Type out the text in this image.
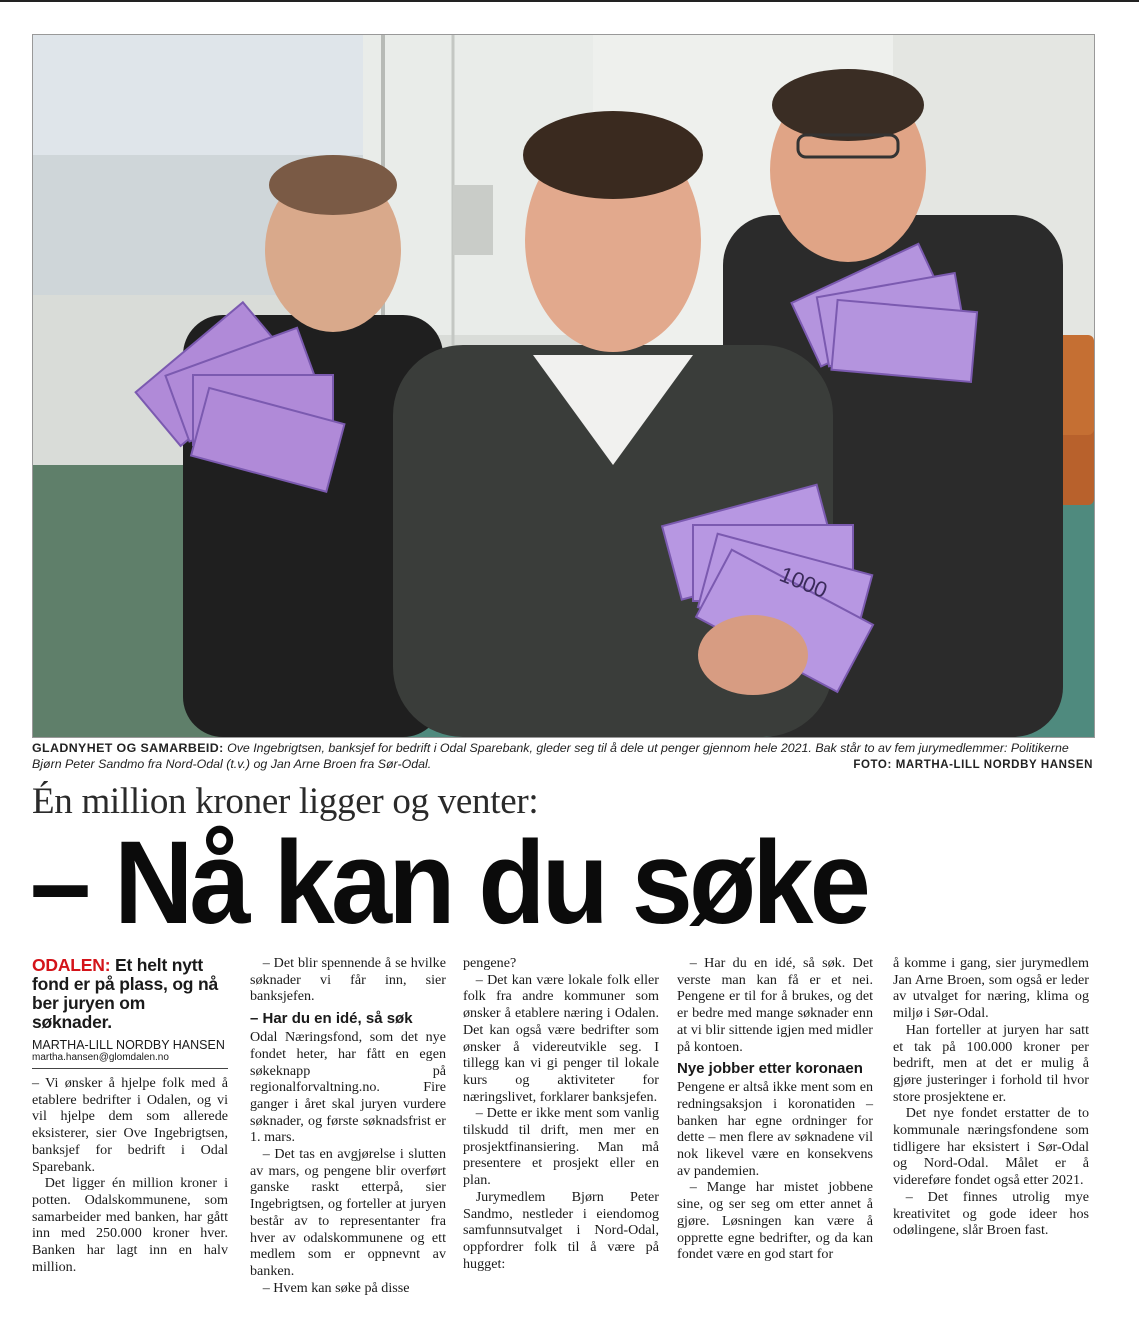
1000
GLADNYHET OG SAMARBEID: Ove Ingebrigtsen, banksjef for bedrift i Odal Sparebank, gleder seg til å dele ut penger gjennom hele 2021. Bak står to av fem jurymedlemmer: Politikerne Bjørn Peter Sandmo fra Nord-Odal (t.v.) og Jan Arne Broen fra Sør-Odal.	FOTO: MARTHA-LILL NORDBY HANSEN
Én million kroner ligger og venter:
– Nå kan du søke
ODALEN: Et helt nytt fond er på plass, og nå ber juryen om søknader.
MARTHA-LILL NORDBY HANSEN
martha.hansen@glomdalen.no

– Vi ønsker å hjelpe folk med å etablere bedrifter i Odalen, og vi vil hjelpe dem som allerede eksisterer, sier Ove Ingebrigtsen, banksjef for bedrift i Odal Sparebank.

Det ligger én million kroner i potten. Odalskommunene, som samarbeider med banken, har gått inn med 250.000 kroner hver. Banken har lagt inn en halv million.

– Det blir spennende å se hvilke søknader vi får inn, sier banksjefen.

– Har du en idé, så søk

Odal Næringsfond, som det nye fondet heter, har fått en egen søkeknapp på regionalforvaltning.no. Fire ganger i året skal juryen vurdere søknader, og første søknadsfrist er 1. mars.

– Det tas en avgjørelse i slutten av mars, og pengene blir overført ganske raskt etterpå, sier Ingebrigtsen, og forteller at juryen består av to representanter fra hver av odalskommunene og ett medlem som er oppnevnt av banken.

– Hvem kan søke på disse

pengene?

– Det kan være lokale folk eller folk fra andre kommuner som ønsker å etablere næring i Odalen. Det kan også være bedrifter som ønsker å videreutvikle seg. I tillegg kan vi gi penger til lokale kurs og aktiviteter for næringslivet, forklarer banksjefen.

– Dette er ikke ment som vanlig tilskudd til drift, men mer en prosjektfinansiering. Man må presentere et prosjekt eller en plan.

Jurymedlem Bjørn Peter Sandmo, nestleder i eiendomog samfunnsutvalget i Nord-Odal, oppfordrer folk til å være på hugget:

– Har du en idé, så søk. Det verste man kan få er et nei. Pengene er til for å brukes, og det er bedre med mange søknader enn at vi blir sittende igjen med midler på kontoen.

Nye jobber etter koronaen

Pengene er altså ikke ment som en redningsaksjon i koronatiden – banken har egne ordninger for dette – men flere av søknadene vil nok likevel være en konsekvens av pandemien.

– Mange har mistet jobbene sine, og ser seg om etter annet å gjøre. Løsningen kan være å opprette egne bedrifter, og da kan fondet være en god start for

å komme i gang, sier jurymedlem Jan Arne Broen, som også er leder av utvalget for næring, klima og miljø i Sør-Odal.

Han forteller at juryen har satt et tak på 100.000 kroner per bedrift, men at det er mulig å gjøre justeringer i forhold til hvor store prosjektene er.

Det nye fondet erstatter de to kommunale næringsfondene som tidligere har eksistert i Sør-Odal og Nord-Odal. Målet er å videreføre fondet også etter 2021.

– Det finnes utrolig mye kreativitet og gode ideer hos odølingene, slår Broen fast.
